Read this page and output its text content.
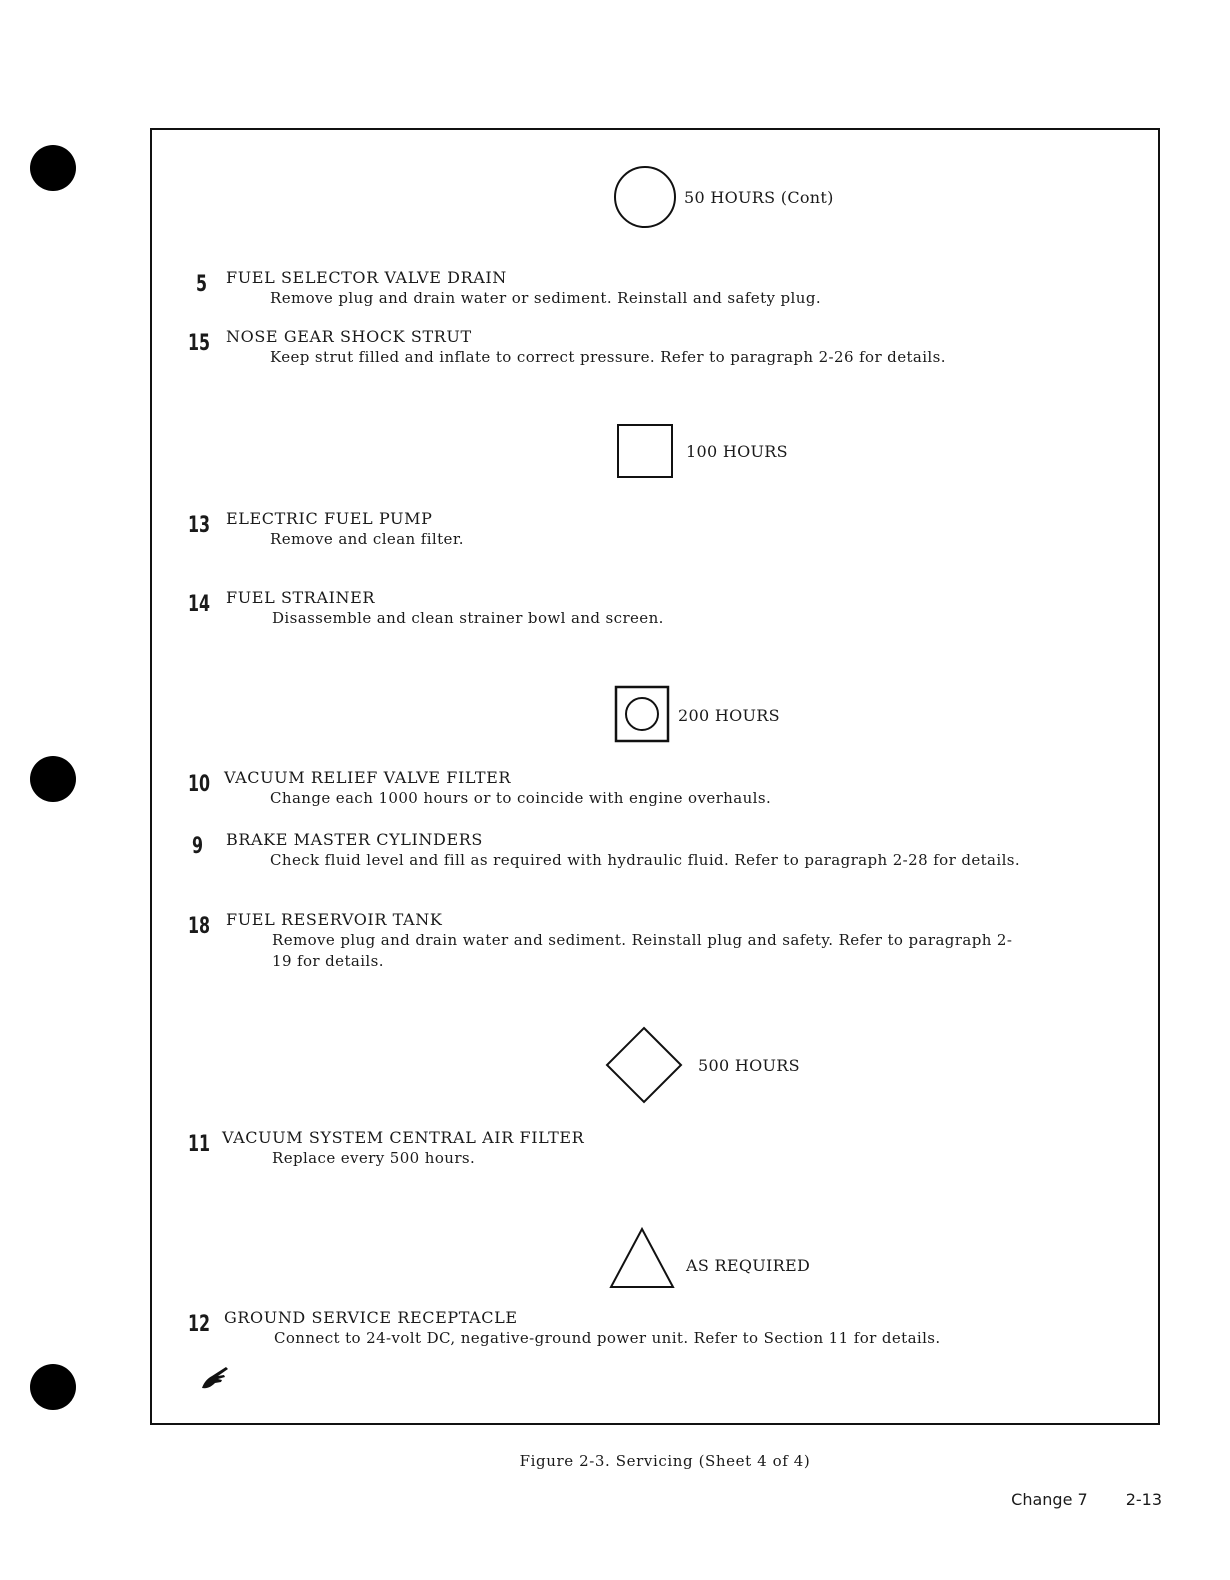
50 HOURS (Cont)
5 FUEL SELECTOR VALVE DRAIN
Remove plug and drain water or sediment. Reinstall and safety plug.
15 NOSE GEAR SHOCK STRUT
Keep strut filled and inflate to correct pressure. Refer to paragraph 2-26 for details.
100 HOURS
13 ELECTRIC FUEL PUMP
Remove and clean filter.
14 FUEL STRAINER
Disassemble and clean strainer bowl and screen.
200 HOURS
10 VACUUM RELIEF VALVE FILTER
Change each 1000 hours or to coincide with engine overhauls.
9 BRAKE MASTER CYLINDERS
Check fluid level and fill as required with hydraulic fluid. Refer to paragraph 2-28 for details.
18 FUEL RESERVOIR TANK
Remove plug and drain water and sediment. Reinstall plug and safety. Refer to paragraph 2-19 for details.
500 HOURS
11 VACUUM SYSTEM CENTRAL AIR FILTER
Replace every 500 hours.
AS REQUIRED
12 GROUND SERVICE RECEPTACLE
Connect to 24-volt DC, negative-ground power unit. Refer to Section 11 for details.
Figure 2-3. Servicing (Sheet 4 of 4)
Change 7 2-13
